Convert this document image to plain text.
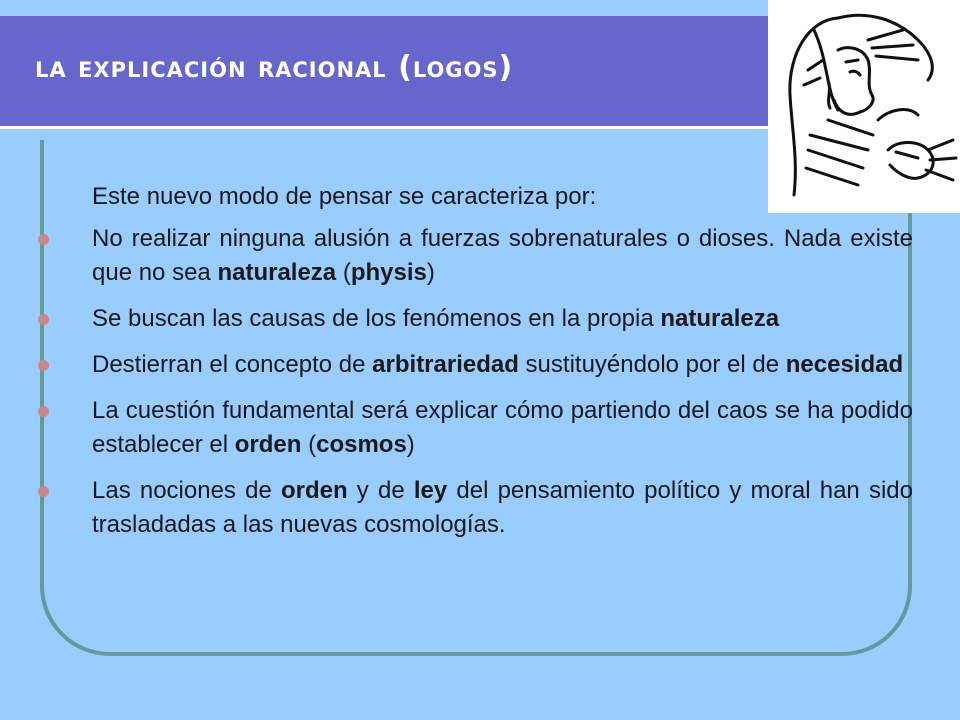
la explicación racional (logos)
Este nuevo modo de pensar se caracteriza por:
No realizar ninguna alusión a fuerzas sobrenaturales o dioses. Nada existe que no sea naturaleza (physis)
Se buscan las causas de los fenómenos en la propia naturaleza
Destierran el concepto de arbitrariedad sustituyéndolo por el de necesidad
La cuestión fundamental será explicar cómo partiendo del caos se ha podido establecer el orden (cosmos)
Las nociones de orden y de ley del pensamiento político y moral han sido trasladadas a las nuevas cosmologías.
